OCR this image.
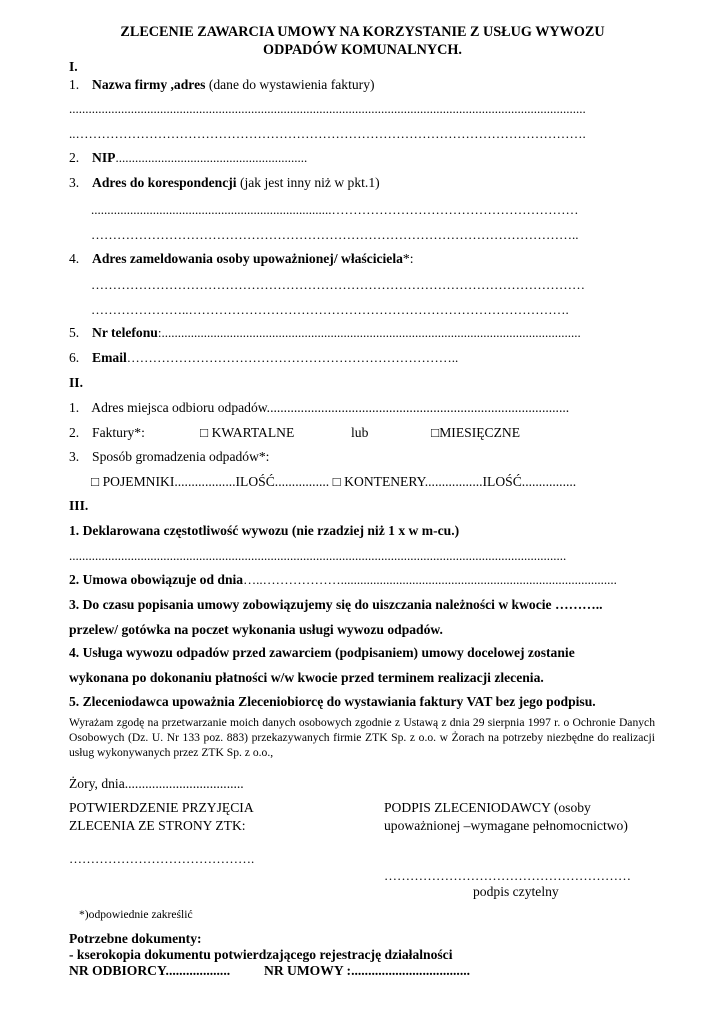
ZLECENIE ZAWARCIA UMOWY NA KORZYSTANIE Z USŁUG WYWOZU
ODPADÓW KOMUNALNYCH.
I.
1. Nazwa firmy ,adres (dane do wystawienia faktury)
...............................................................................................................................................................
..……………………………………………………………………………………………………….
2. NIP...........................................................
3. Adres do korespondencji (jak jest inny niż w pkt.1)
..........................................................................…………………………………………………
…………………………………………………………………………………………………..
4. Adres zameldowania osoby upoważnionej/ właściciela*:
……………………………………………………………………………………………………
…………………..…………………………………………………………………………….
5. Nr telefonu:.................................................................................................................................
6. Email…………………………………………………………………..
II.
1. Adres miejsca odbioru odpadów.........................................................................................
2. Faktury*:	□ KWARTALNE	lub	□MIESIĘCZNE
3. Sposób gromadzenia odpadów*:
□ POJEMNIKI..................ILOŚĆ................ □ KONTENERY.................ILOŚĆ................
III.
1. Deklarowana częstotliwość wywozu (nie rzadziej niż 1 x w m-cu.)
.........................................................................................................................................................
2. Umowa obowiązuje od dnia…..……………….....................................................................................
3. Do czasu popisania umowy zobowiązujemy się do uiszczania należności w kwocie ………..
przelew/ gotówka na poczet wykonania usługi wywozu odpadów.
4. Usługa wywozu odpadów przed zawarciem (podpisaniem) umowy docelowej zostanie
wykonana po dokonaniu płatności w/w kwocie przed terminem realizacji zlecenia.
5. Zleceniodawca upoważnia Zleceniobiorcę do wystawiania faktury VAT bez jego podpisu.
Wyrażam zgodę na przetwarzanie moich danych osobowych zgodnie z Ustawą z dnia 29 sierpnia 1997 r. o Ochronie Danych Osobowych (Dz. U. Nr 133 poz. 883) przekazywanych firmie ZTK Sp. z o.o. w Żorach na potrzeby niezbędne do realizacji usług wykonywanych przez ZTK Sp. z o.o.,
Żory, dnia...................................
POTWIERDZENIE PRZYJĘCIA
ZLECENIA ZE STRONY ZTK:
…………………………………….
PODPIS ZLECENIODAWCY (osoby
upoważnionej –wymagane pełnomocnictwo)
…………………………………………………
podpis czytelny
*)odpowiednie zakreślić
Potrzebne dokumenty:
- kserokopia dokumentu potwierdzającego rejestrację działalności
NR ODBIORCY................... NR UMOWY :...................................
